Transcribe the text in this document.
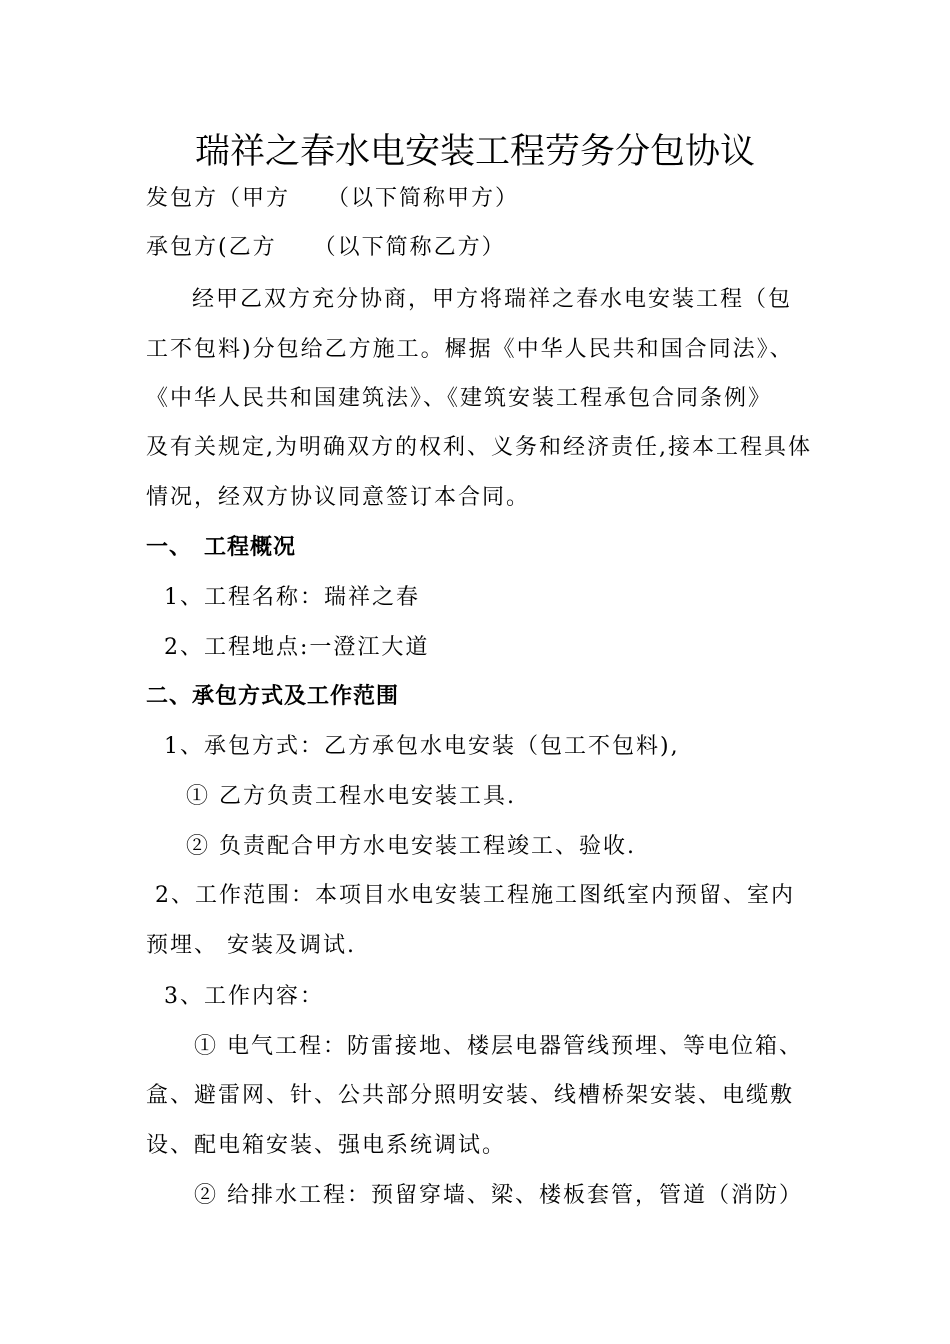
瑞祥之春水电安装工程劳务分包协议
发包方（甲方　　（以下简称甲方）
承包方(乙方　　（以下简称乙方）
经甲乙双方充分协商，甲方将瑞祥之春水电安装工程（包
工不包料)分包给乙方施工。樨据《中华人民共和国合同法》、
《中华人民共和国建筑法》、《建筑安装工程承包合同条例》
及有关规定,为明确双方的权利、义务和经济责任,接本工程具体
情况，经双方协议同意签订本合同。
一、　工程概况
1、工程名称：瑞祥之春
2、工程地点:一澄江大道
二、承包方式及工作范围
1、承包方式：乙方承包水电安装（包工不包料),
① 乙方负责工程水电安装工具.
② 负责配合甲方水电安装工程竣工、验收.
2、工作范围：本项目水电安装工程施工图纸室内预留、室内
预埋、 安装及调试.
3、工作内容：
① 电气工程：防雷接地、楼层电器管线预埋、等电位箱、
盒、避雷网、针、公共部分照明安装、线槽桥架安装、电缆敷
设、配电箱安装、强电系统调试。
② 给排水工程：预留穿墙、梁、楼板套管，管道（消防）
